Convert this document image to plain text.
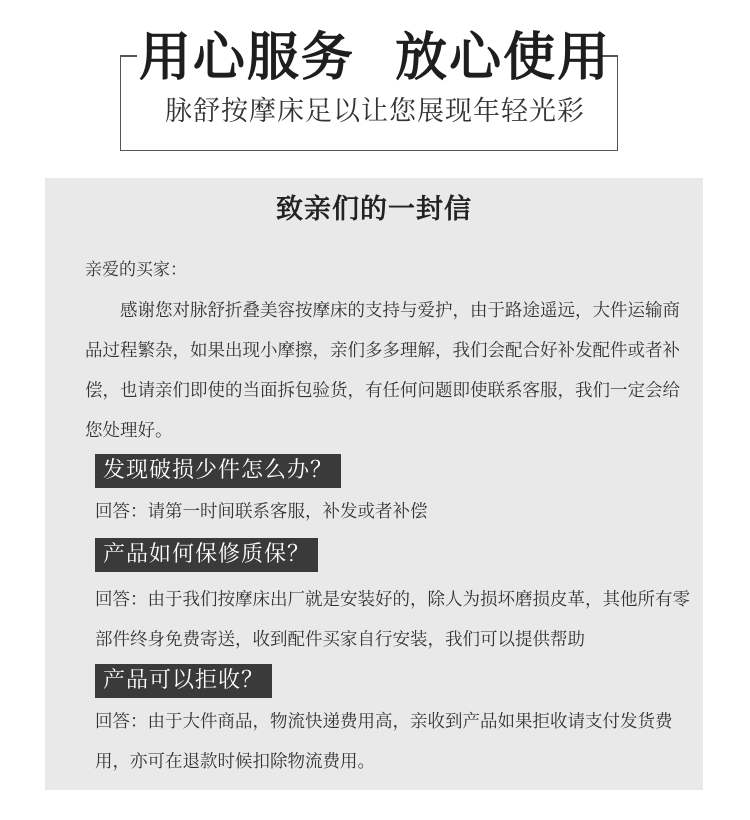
用心服务  放心使用
脉舒按摩床足以让您展现年轻光彩
致亲们的一封信
亲爱的买家：

感谢您对脉舒折叠美容按摩床的支持与爱护，由于路途遥远，大件运输商品过程繁杂，如果出现小摩擦，亲们多多理解，我们会配合好补发配件或者补偿，也请亲们即使的当面拆包验货，有任何问题即使联系客服，我们一定会给您处理好。

发现破损少件怎么办？

回答：请第一时间联系客服，补发或者补偿

产品如何保修质保？

回答：由于我们按摩床出厂就是安装好的，除人为损坏磨损皮革，其他所有零部件终身免费寄送，收到配件买家自行安装，我们可以提供帮助

产品可以拒收？

回答：由于大件商品，物流快递费用高，亲收到产品如果拒收请支付发货费用，亦可在退款时候扣除物流费用。
